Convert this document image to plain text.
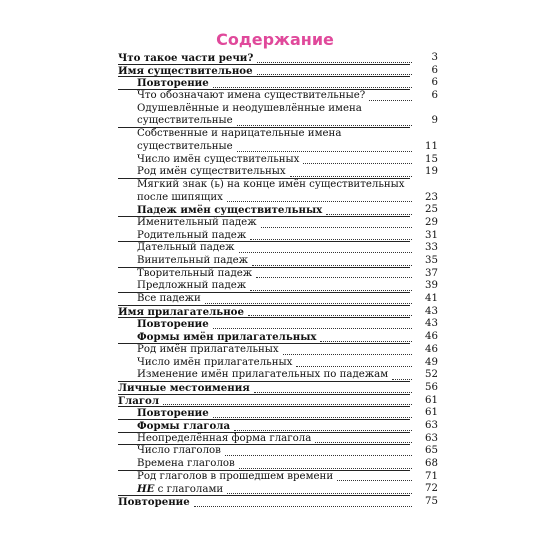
Содержание
Что такое части речи?	3
Имя существительное	6
Повторение	6
Что обозначают имена существительные?	6
Одушевлённые и неодушевлённые имена
существительные	9
Собственные и нарицательные имена
существительные	11
Число имён существительных	15
Род имён существительных	19
Мягкий знак (ь) на конце имён существительных
после шипящих	23
Падеж имён существительных	25
Именительный падеж	29
Родительный падеж	31
Дательный падеж	33
Винительный падеж	35
Творительный падеж	37
Предложный падеж	39
Все падежи	41
Имя прилагательное	43
Повторение	43
Формы имён прилагательных	46
Род имён прилагательных	46
Число имён прилагательных	49
Изменение имён прилагательных по падежам	52
Личные местоимения	56
Глагол	61
Повторение	61
Формы глагола	63
Неопределённая форма глагола	63
Число глаголов	65
Времена глаголов	68
Род глаголов в прошедшем времени	71
НЕ с глаголами	72
Повторение	75
